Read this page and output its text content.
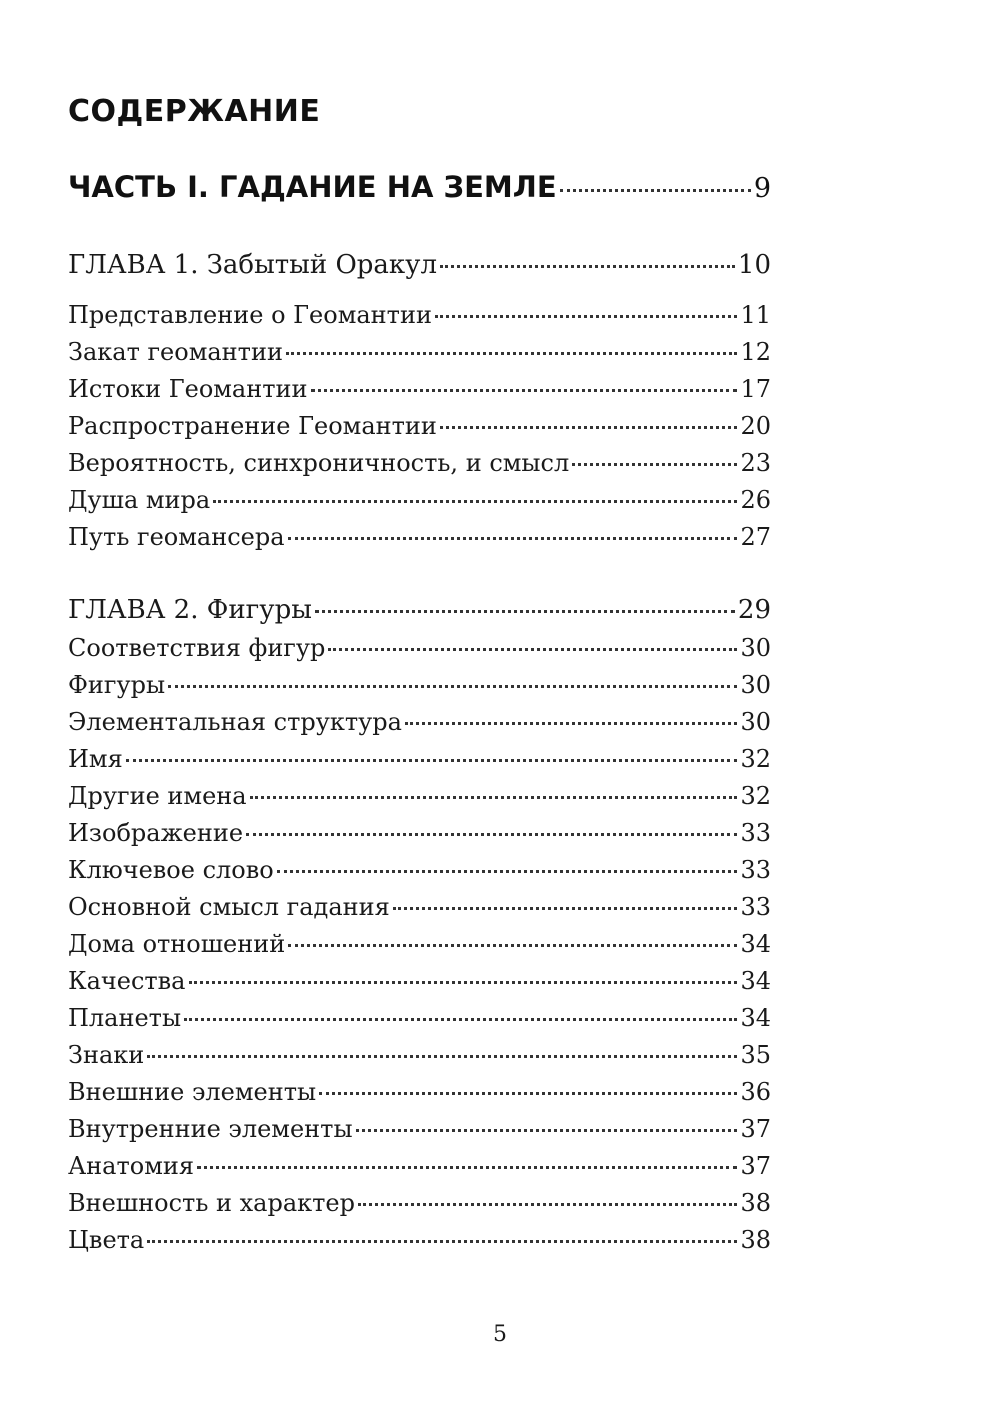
СОДЕРЖАНИЕ
ЧАСТЬ I. ГАДАНИЕ НА ЗЕМЛЕ	9
ГЛАВА 1. Забытый Оракул	10
Представление о Геомантии	11
Закат геомантии	12
Истоки Геомантии	17
Распространение Геомантии	20
Вероятность, синхроничность, и смысл	23
Душа мира	26
Путь геомансера	27
ГЛАВА 2. Фигуры	29
Соответствия фигур	30
Фигуры	30
Элементальная структура	30
Имя	32
Другие имена	32
Изображение	33
Ключевое слово	33
Основной смысл гадания	33
Дома отношений	34
Качества	34
Планеты	34
Знаки	35
Внешние элементы	36
Внутренние элементы	37
Анатомия	37
Внешность и характер	38
Цвета	38
5
